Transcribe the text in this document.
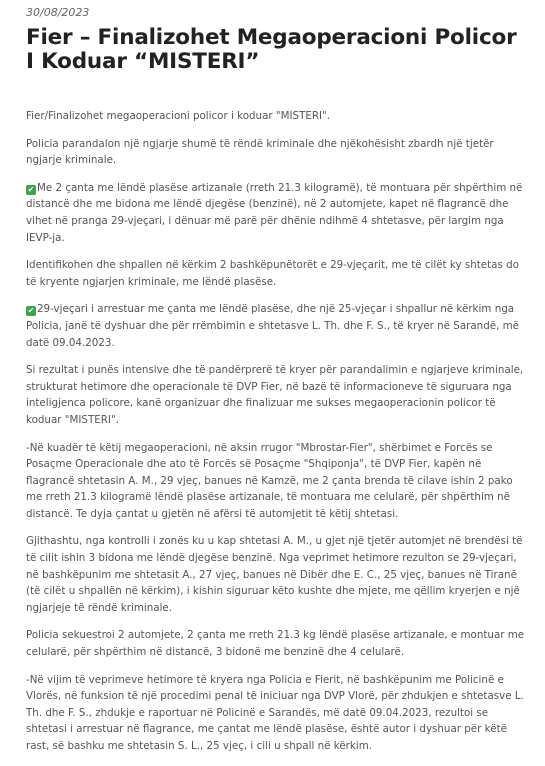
30/08/2023
Fier – Finalizohet Megaoperacioni Policor I Koduar “MISTERI”

Fier/Finalizohet megaoperacioni policor i koduar "MISTERI".

Policia parandalon një ngjarje shumë të rëndë kriminale dhe njëkohësisht zbardh një tjetër ngjarje kriminale.

✔ Me 2 çanta me lëndë plasëse artizanale (rreth 21.3 kilogramë), të montuara për shpërthim në distancë dhe me bidona me lëndë djegëse (benzinë), në 2 automjete, kapet në flagrancë dhe vihet në pranga 29-vjeçari, i dënuar më parë për dhënie ndihmë 4 shtetasve, për largim nga IEVP-ja.

Identifikohen dhe shpallen në kërkim 2 bashkëpunëtorët e 29-vjeçarit, me të cilët ky shtetas do të kryente ngjarjen kriminale, me lëndë plasëse.

✔ 29-vjeçari i arrestuar me çanta me lëndë plasëse, dhe një 25-vjeçar i shpallur në kërkim nga Policia, janë të dyshuar dhe për rrëmbimin e shtetasve L. Th. dhe F. S., të kryer në Sarandë, më datë 09.04.2023.

Si rezultat i punës intensive dhe të pandërprerë të kryer për parandalimin e ngjarjeve kriminale, strukturat hetimore dhe operacionale të DVP Fier, në bazë të informacioneve të siguruara nga inteligjenca policore, kanë organizuar dhe finalizuar me sukses megaoperacionin policor të koduar "MISTERI".

-Në kuadër të këtij megaoperacioni, në aksin rrugor "Mbrostar-Fier", shërbimet e Forcës se Posaçme Operacionale dhe ato të Forcës së Posaçme "Shqiponja", të DVP Fier, kapën në flagrancë shtetasin A. M., 29 vjeç, banues në Kamzë, me 2 çanta brenda të cilave ishin 2 pako me rreth 21.3 kilogramë lëndë plasëse artizanale, të montuara me celularë, për shpërthim në distancë. Te dyja çantat u gjetën në afërsi të automjetit të këtij shtetasi.

Gjithashtu, nga kontrolli i zonës ku u kap shtetasi A. M., u gjet një tjetër automjet në brendësi të të cilit ishin 3 bidona me lëndë djegëse benzinë. Nga veprimet hetimore rezulton se 29-vjeçari, në bashkëpunim me shtetasit A., 27 vjeç, banues në Dibër dhe E. C., 25 vjeç, banues në Tiranë (të cilët u shpallën në kërkim), i kishin siguruar këto kushte dhe mjete, me qëllim kryerjen e një ngjarjeje të rëndë kriminale.

Policia sekuestroi 2 automjete, 2 çanta me rreth 21.3 kg lëndë plasëse artizanale, e montuar me celularë, për shpërthim në distancë, 3 bidonë me benzinë dhe 4 celularë.

-Në vijim të veprimeve hetimore të kryera nga Policia e Fierit, në bashkëpunim me Policinë e Vlorës, në funksion të një procedimi penal të iniciuar nga DVP Vlorë, për zhdukjen e shtetasve L. Th. dhe F. S., zhdukje e raportuar në Policinë e Sarandës, më datë 09.04.2023, rezultoi se shtetasi i arrestuar në flagrance, me çantat me lëndë plasëse, është autor i dyshuar për këtë rast, së bashku me shtetasin S. L., 25 vjeç, i cili u shpall në kërkim.
